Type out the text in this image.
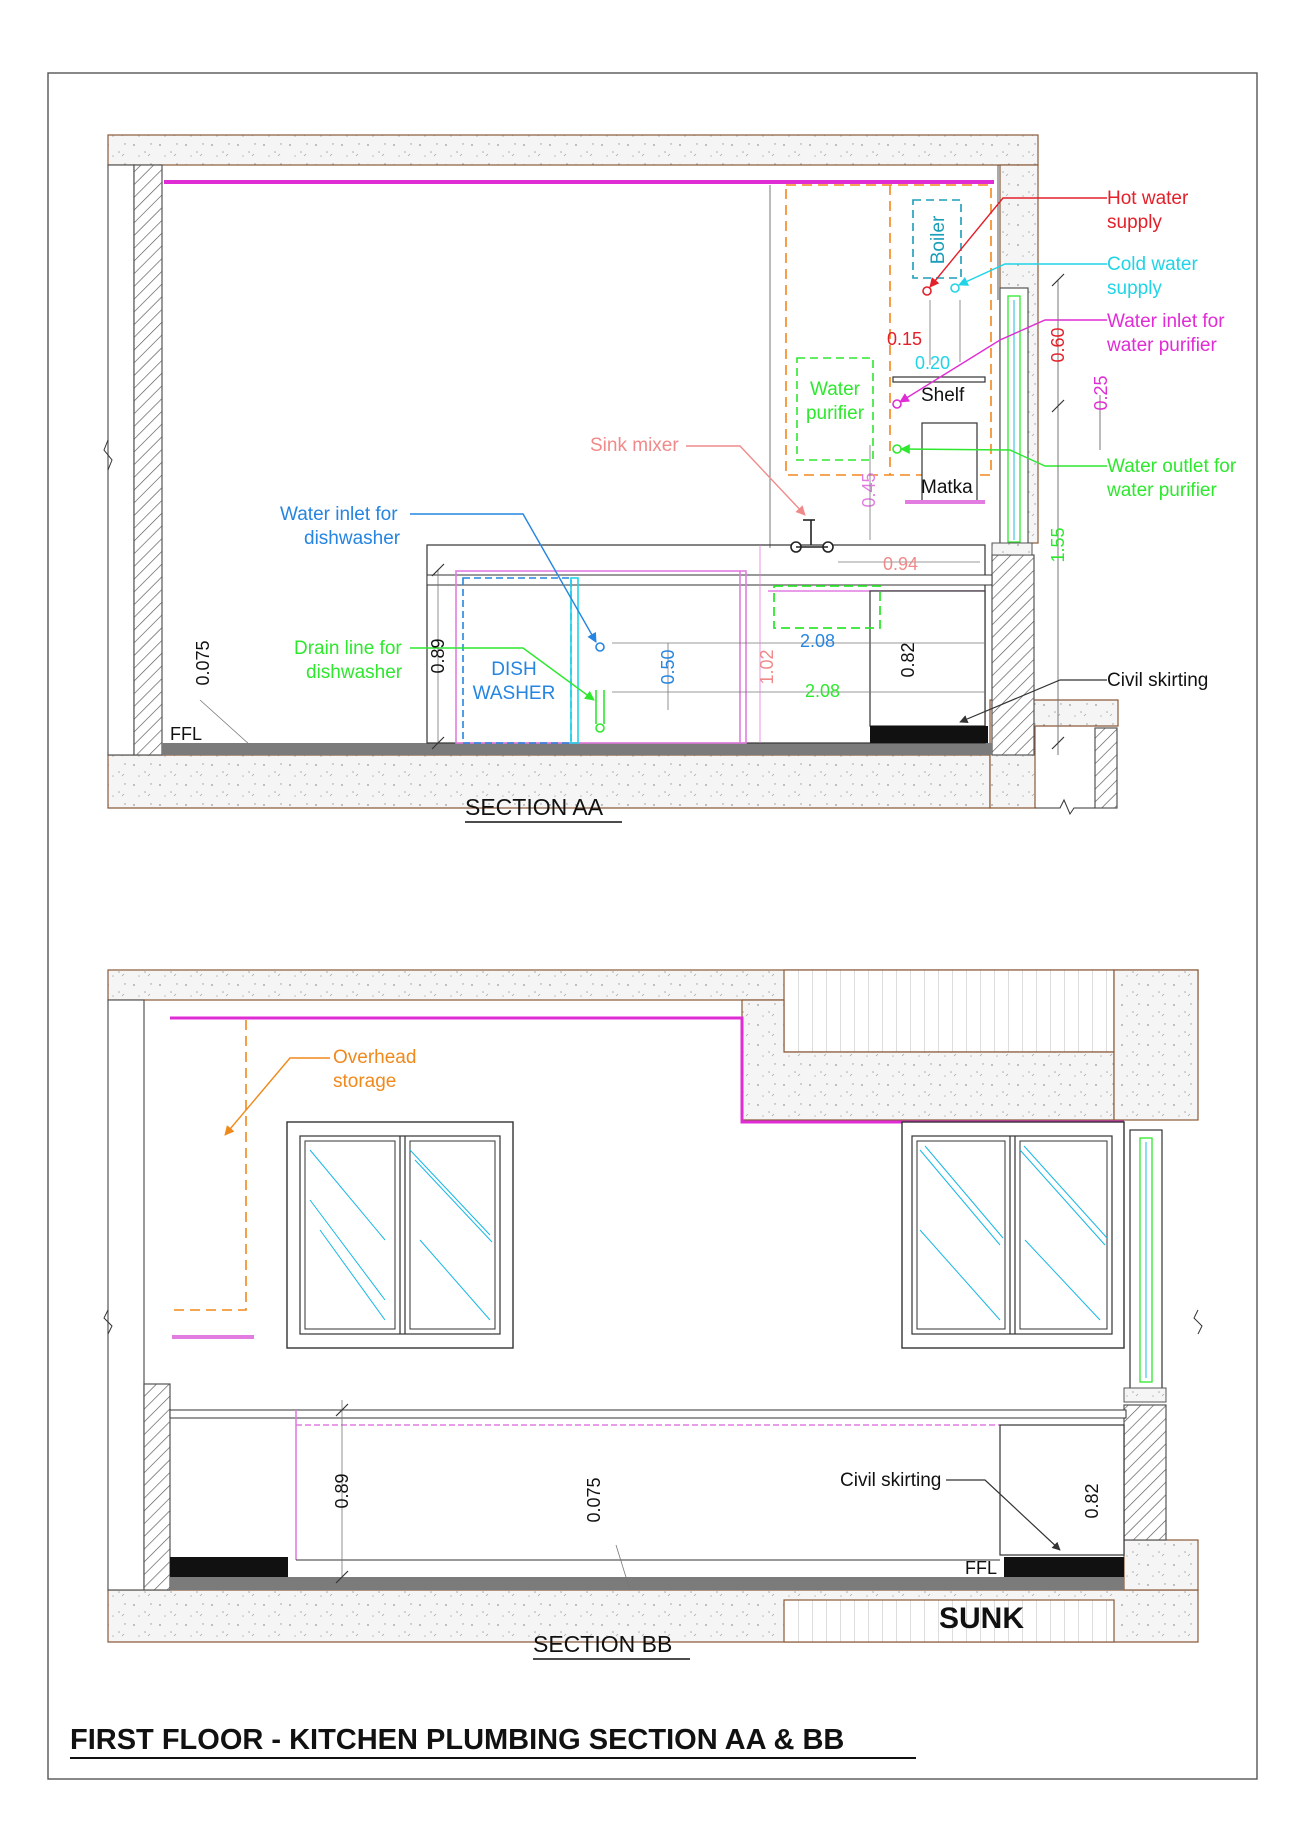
Boiler
Water
purifier
Shelf
Matka
Hot water
supply
Cold water
supply
Water inlet for
water purifier
Water outlet for
water purifier
0.60
0.25
1.55
0.15
0.20
DISH
WASHER
Sink mixer
0.45
0.94
Water inlet for
dishwasher
Drain line for
dishwasher
2.08
2.08
0.50	1.02
0.89	0.82
0.075
FFL
Civil skirting
SECTION AA
Overhead
storage
0.89	0.075	0.82
FFL
Civil skirting
SUNK
SECTION BB
FIRST FLOOR - KITCHEN PLUMBING SECTION AA & BB
